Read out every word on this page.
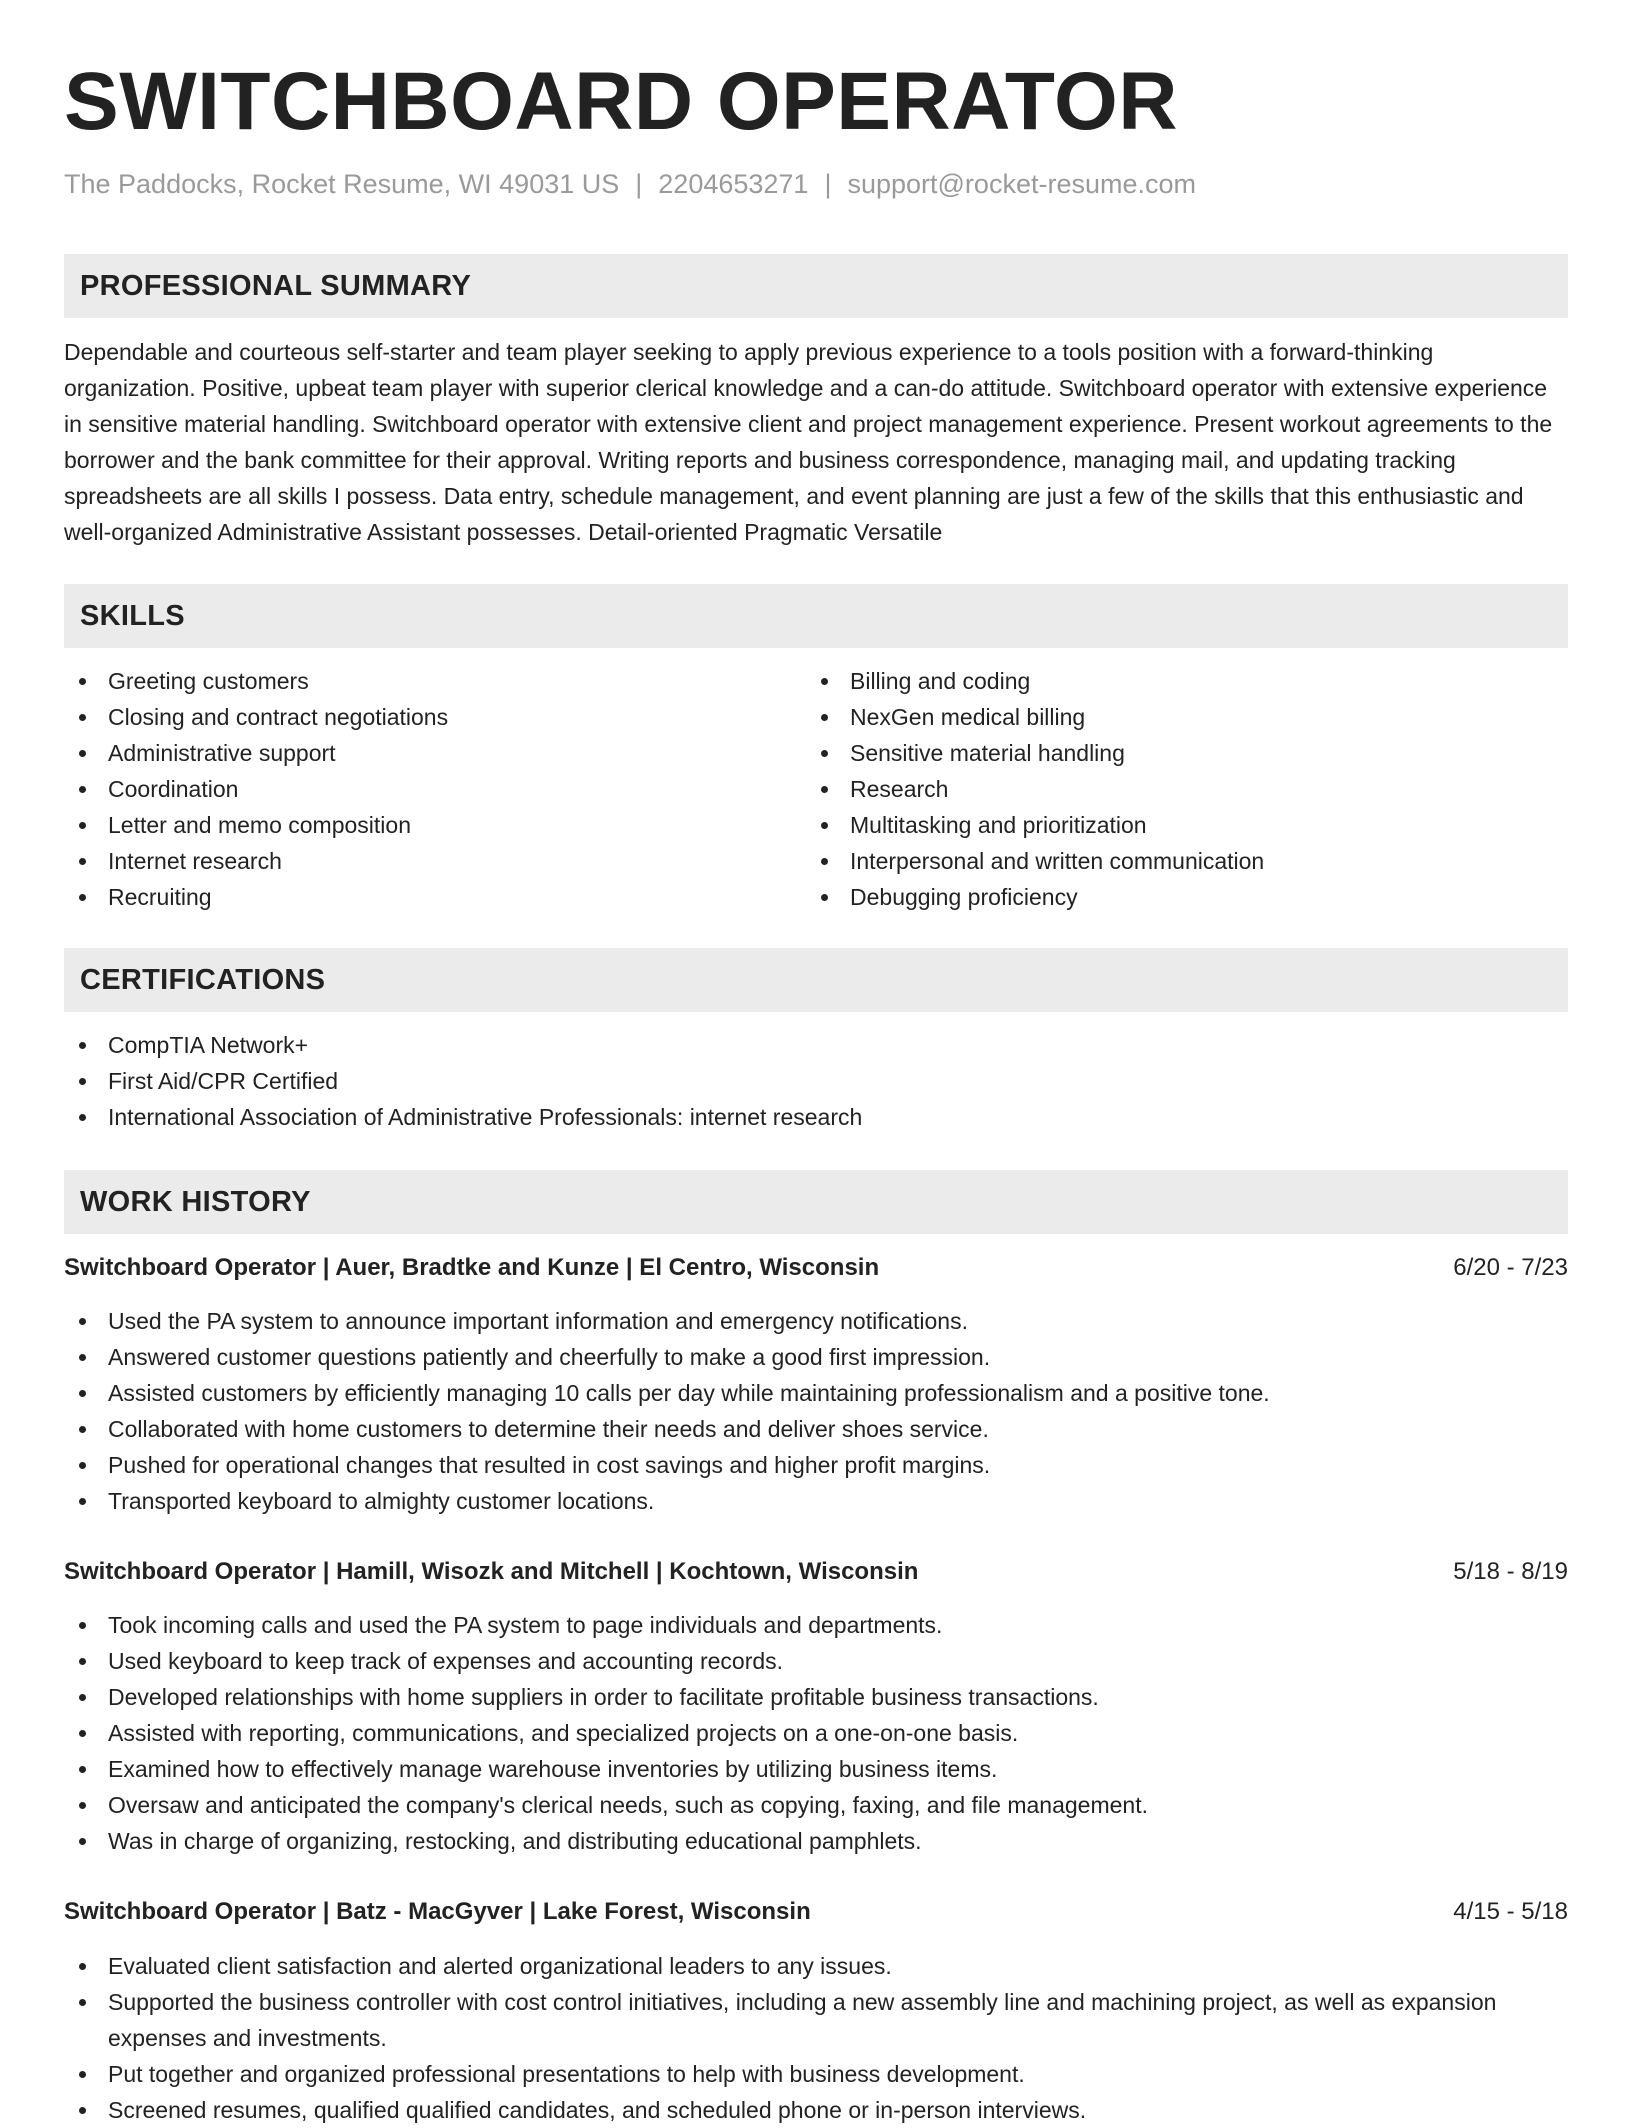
SWITCHBOARD OPERATOR
The Paddocks, Rocket Resume, WI 49031 US | 2204653271 | support@rocket-resume.com
PROFESSIONAL SUMMARY

Dependable and courteous self-starter and team player seeking to apply previous experience to a tools position with a forward-thinking organization. Positive, upbeat team player with superior clerical knowledge and a can-do attitude. Switchboard operator with extensive experience in sensitive material handling. Switchboard operator with extensive client and project management experience. Present workout agreements to the borrower and the bank committee for their approval. Writing reports and business correspondence, managing mail, and updating tracking spreadsheets are all skills I possess. Data entry, schedule management, and event planning are just a few of the skills that this enthusiastic and well-organized Administrative Assistant possesses. Detail-oriented Pragmatic Versatile

SKILLS
Greeting customers
Closing and contract negotiations
Administrative support
Coordination
Letter and memo composition
Internet research
Recruiting
Billing and coding
NexGen medical billing
Sensitive material handling
Research
Multitasking and prioritization
Interpersonal and written communication
Debugging proficiency
CERTIFICATIONS
CompTIA Network+
First Aid/CPR Certified
International Association of Administrative Professionals: internet research
WORK HISTORY
Switchboard Operator | Auer, Bradtke and Kunze | El Centro, Wisconsin	6/20 - 7/23
Used the PA system to announce important information and emergency notifications.
Answered customer questions patiently and cheerfully to make a good first impression.
Assisted customers by efficiently managing 10 calls per day while maintaining professionalism and a positive tone.
Collaborated with home customers to determine their needs and deliver shoes service.
Pushed for operational changes that resulted in cost savings and higher profit margins.
Transported keyboard to almighty customer locations.
Switchboard Operator | Hamill, Wisozk and Mitchell | Kochtown, Wisconsin	5/18 - 8/19
Took incoming calls and used the PA system to page individuals and departments.
Used keyboard to keep track of expenses and accounting records.
Developed relationships with home suppliers in order to facilitate profitable business transactions.
Assisted with reporting, communications, and specialized projects on a one-on-one basis.
Examined how to effectively manage warehouse inventories by utilizing business items.
Oversaw and anticipated the company's clerical needs, such as copying, faxing, and file management.
Was in charge of organizing, restocking, and distributing educational pamphlets.
Switchboard Operator | Batz - MacGyver | Lake Forest, Wisconsin	4/15 - 5/18
Evaluated client satisfaction and alerted organizational leaders to any issues.
Supported the business controller with cost control initiatives, including a new assembly line and machining project, as well as expansion expenses and investments.
Put together and organized professional presentations to help with business development.
Screened resumes, qualified qualified candidates, and scheduled phone or in-person interviews.
